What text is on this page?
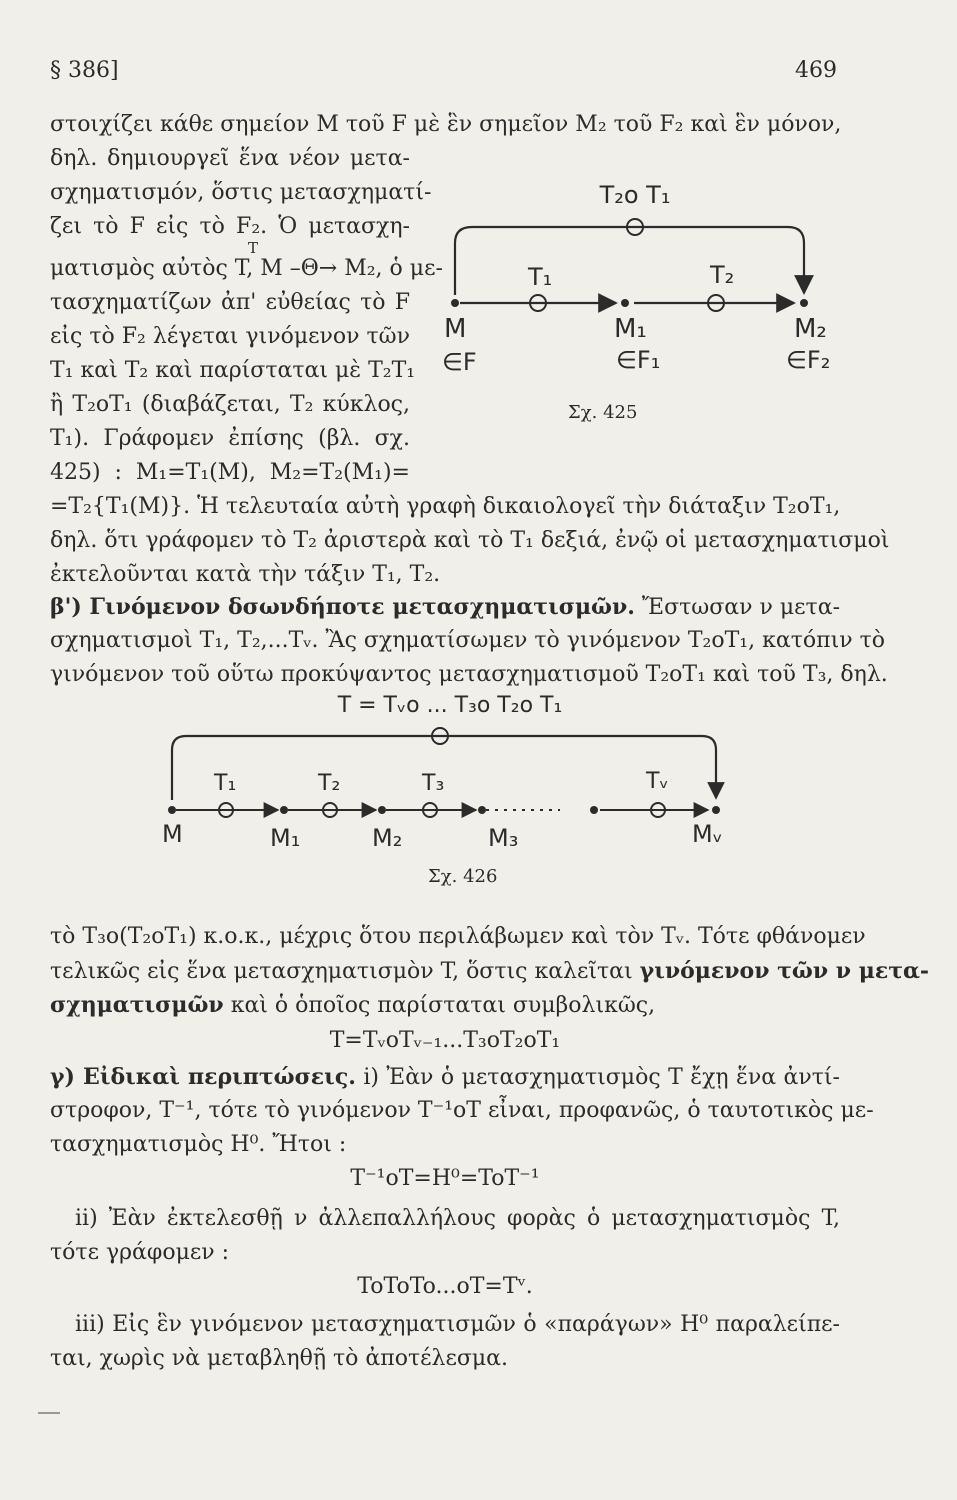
§ 386]	469
στοιχίζει κάθε σημείον M τοῦ F μὲ ἓν σημεῖον M₂ τοῦ F₂ καὶ ἓν μόνον,
δηλ. δημιουργεῖ ἕνα νέον μετα-
σχηματισμόν, ὅστις μετασχηματί-
ζει τὸ F εἰς τὸ F₂. Ὁ μετασχη-
T
ματισμὸς αὐτὸς T, M –Θ→ M₂, ὁ με-
τασχηματίζων ἀπ' εὐθείας τὸ F
εἰς τὸ F₂ λέγεται γινόμενον τῶν
T₁ καὶ T₂ καὶ παρίσταται μὲ T₂T₁
ἢ T₂oT₁ (διαβάζεται, T₂ κύκλος,
T₁). Γράφομεν ἐπίσης (βλ. σχ.
425) : M₁=T₁(M), M₂=T₂(M₁)=
=T₂{T₁(M)}. Ἡ τελευταία αὐτὴ γραφὴ δικαιολογεῖ τὴν διάταξιν T₂oT₁,
δηλ. ὅτι γράφομεν τὸ T₂ ἀριστερὰ καὶ τὸ T₁ δεξιά, ἐνῷ οἱ μετασχηματισμοὶ
ἐκτελοῦνται κατὰ τὴν τάξιν T₁, T₂.
T₂o T₁
T₁	T₂
M	M₁	M₂
∈F	∈F₁	∈F₂
Σχ. 425
β') Γινόμενον δσωνδήποτε μετασχηματισμῶν. Ἔστωσαν ν μετα-
σχηματισμοὶ T₁, T₂,...Tᵥ. Ἂς σχηματίσωμεν τὸ γινόμενον T₂oT₁, κατόπιν τὸ
γινόμενον τοῦ οὕτω προκύψαντος μετασχηματισμοῦ T₂oT₁ καὶ τοῦ T₃, δηλ.
T = Tᵥo ... T₃o T₂o T₁
T₁	T₂	T₃	Tᵥ
M	M₁	M₂	M₃	Mᵥ
Σχ. 426
τὸ T₃o(T₂oT₁) κ.ο.κ., μέχρις ὅτου περιλάβωμεν καὶ τὸν Tᵥ. Τότε φθάνομεν
τελικῶς εἰς ἕνα μετασχηματισμὸν T, ὅστις καλεῖται γινόμενον τῶν ν μετα-
σχηματισμῶν καὶ ὁ ὁποῖος παρίσταται συμβολικῶς,
T=TᵥoTᵥ₋₁...T₃oT₂oT₁
γ) Εἰδικαὶ περιπτώσεις. i) Ἐὰν ὁ μετασχηματισμὸς T ἔχῃ ἕνα ἀντί-
στροφον, T⁻¹, τότε τὸ γινόμενον T⁻¹oT εἶναι, προφανῶς, ὁ ταυτοτικὸς με-
τασχηματισμὸς H⁰. Ἤτοι :
T⁻¹oT=H⁰=ToT⁻¹
ii) Ἐὰν ἐκτελεσθῇ ν ἀλλεπαλλήλους φορὰς ὁ μετασχηματισμὸς T,
τότε γράφομεν :
ToToTo...oT=Tᵛ.
iii) Εἰς ἓν γινόμενον μετασχηματισμῶν ὁ «παράγων» H⁰ παραλείπε-
ται, χωρὶς νὰ μεταβληθῇ τὸ ἀποτέλεσμα.
